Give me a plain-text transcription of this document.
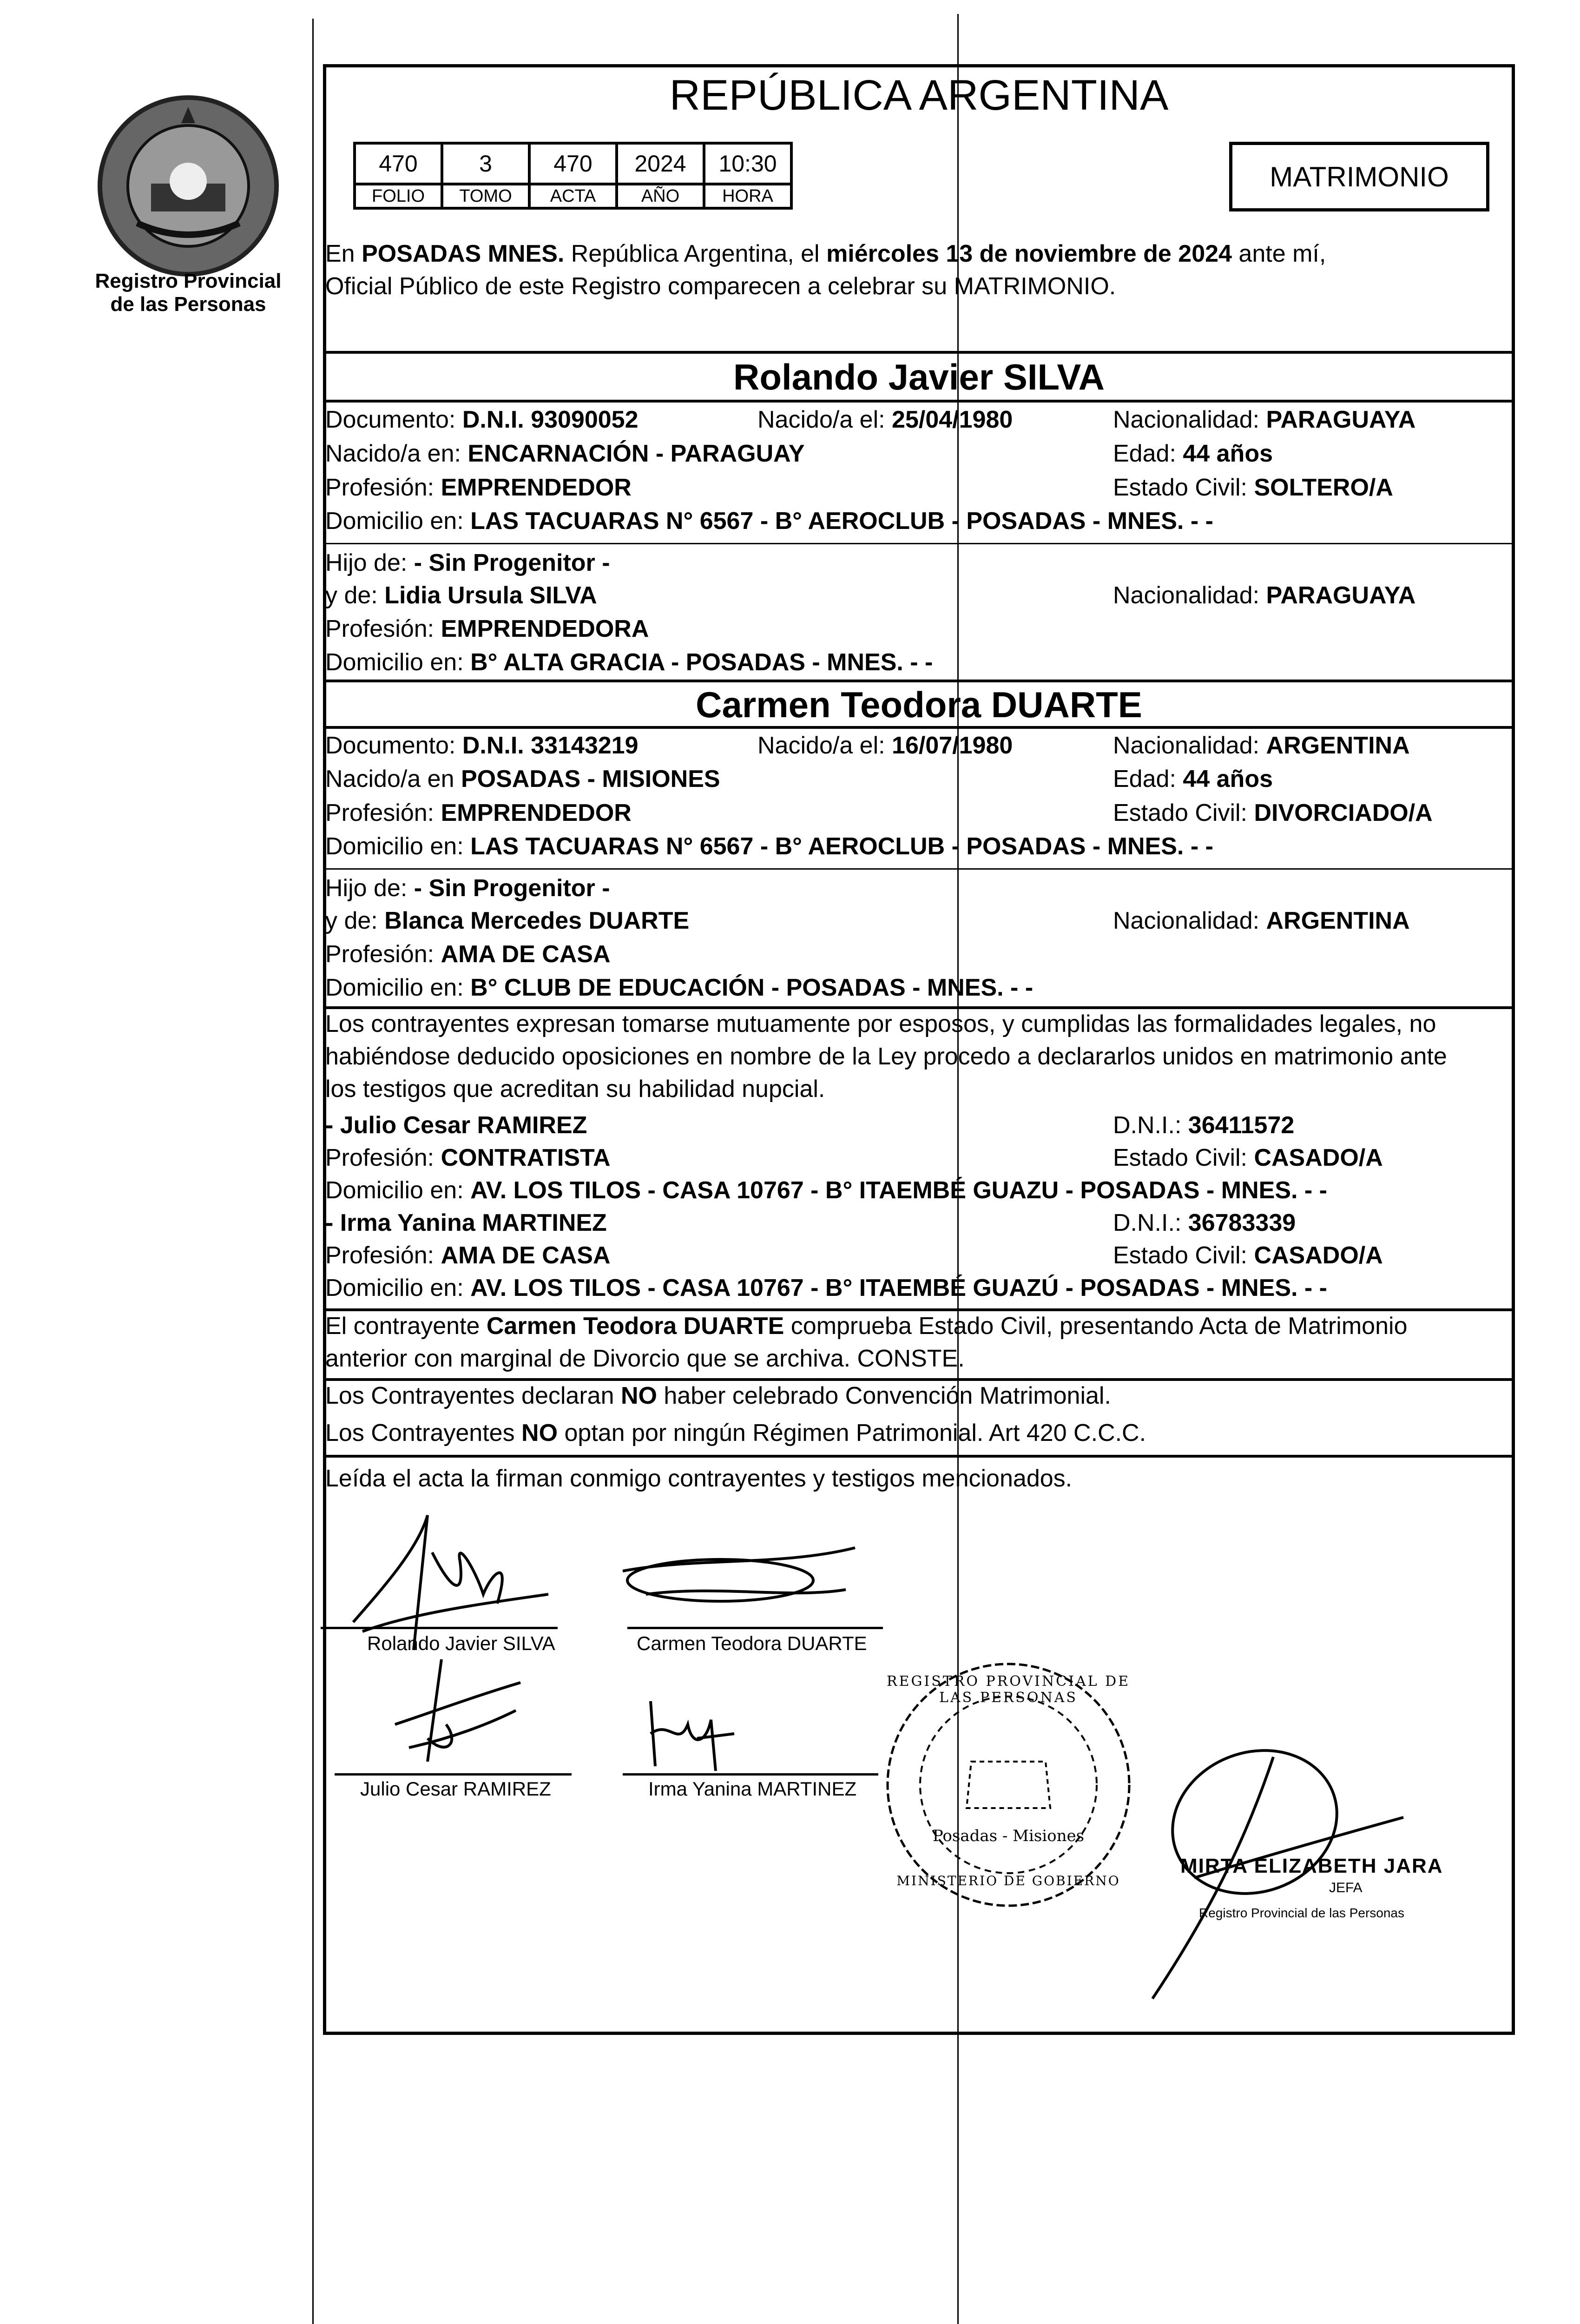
Registro Provincial
de las Personas
REPÚBLICA ARGENTINA
470	3	470	2024	10:30
FOLIO	TOMO	ACTA	AÑO	HORA
MATRIMONIO
En POSADAS MNES. República Argentina, el miércoles 13 de noviembre de 2024 ante mí,
Oficial Público de este Registro comparecen a celebrar su MATRIMONIO.
Rolando Javier SILVA
Documento: D.N.I. 93090052	Nacido/a el: 25/04/1980	Nacionalidad: PARAGUAYA
Nacido/a en: ENCARNACIÓN - PARAGUAY	Edad: 44 años
Profesión: EMPRENDEDOR	Estado Civil: SOLTERO/A
Domicilio en: LAS TACUARAS N° 6567 - B° AEROCLUB - POSADAS - MNES. - -
Hijo de: - Sin Progenitor -
y de: Lidia Ursula SILVA	Nacionalidad: PARAGUAYA
Profesión: EMPRENDEDORA
Domicilio en: B° ALTA GRACIA - POSADAS - MNES. - -
Carmen Teodora DUARTE
Documento: D.N.I. 33143219	Nacido/a el: 16/07/1980	Nacionalidad: ARGENTINA
Nacido/a en POSADAS - MISIONES	Edad: 44 años
Profesión: EMPRENDEDOR	Estado Civil: DIVORCIADO/A
Domicilio en: LAS TACUARAS N° 6567 - B° AEROCLUB - POSADAS - MNES. - -
Hijo de: - Sin Progenitor -
y de: Blanca Mercedes DUARTE	Nacionalidad: ARGENTINA
Profesión: AMA DE CASA
Domicilio en: B° CLUB DE EDUCACIÓN - POSADAS - MNES. - -
Los contrayentes expresan tomarse mutuamente por esposos, y cumplidas las formalidades legales, no
habiéndose deducido oposiciones en nombre de la Ley procedo a declararlos unidos en matrimonio ante
los testigos que acreditan su habilidad nupcial.
- Julio Cesar RAMIREZ	D.N.I.: 36411572
Profesión: CONTRATISTA	Estado Civil: CASADO/A
Domicilio en: AV. LOS TILOS - CASA 10767 - B° ITAEMBÉ GUAZU - POSADAS - MNES. - -
- Irma Yanina MARTINEZ	D.N.I.: 36783339
Profesión: AMA DE CASA	Estado Civil: CASADO/A
Domicilio en: AV. LOS TILOS - CASA 10767 - B° ITAEMBÉ GUAZÚ - POSADAS - MNES. - -
El contrayente Carmen Teodora DUARTE comprueba Estado Civil, presentando Acta de Matrimonio
anterior con marginal de Divorcio que se archiva. CONSTE.
Los Contrayentes declaran NO haber celebrado Convención Matrimonial.
Los Contrayentes NO optan por ningún Régimen Patrimonial. Art 420 C.C.C.
Leída el acta la firman conmigo contrayentes y testigos mencionados.
Rolando Javier SILVA	Carmen Teodora DUARTE
Julio Cesar RAMIREZ	Irma Yanina MARTINEZ
REGISTRO PROVINCIAL DE LAS PERSONAS
Posadas - Misiones
MINISTERIO DE GOBIERNO
MIRTA ELIZABETH JARA
JEFA
Registro Provincial de las Personas
